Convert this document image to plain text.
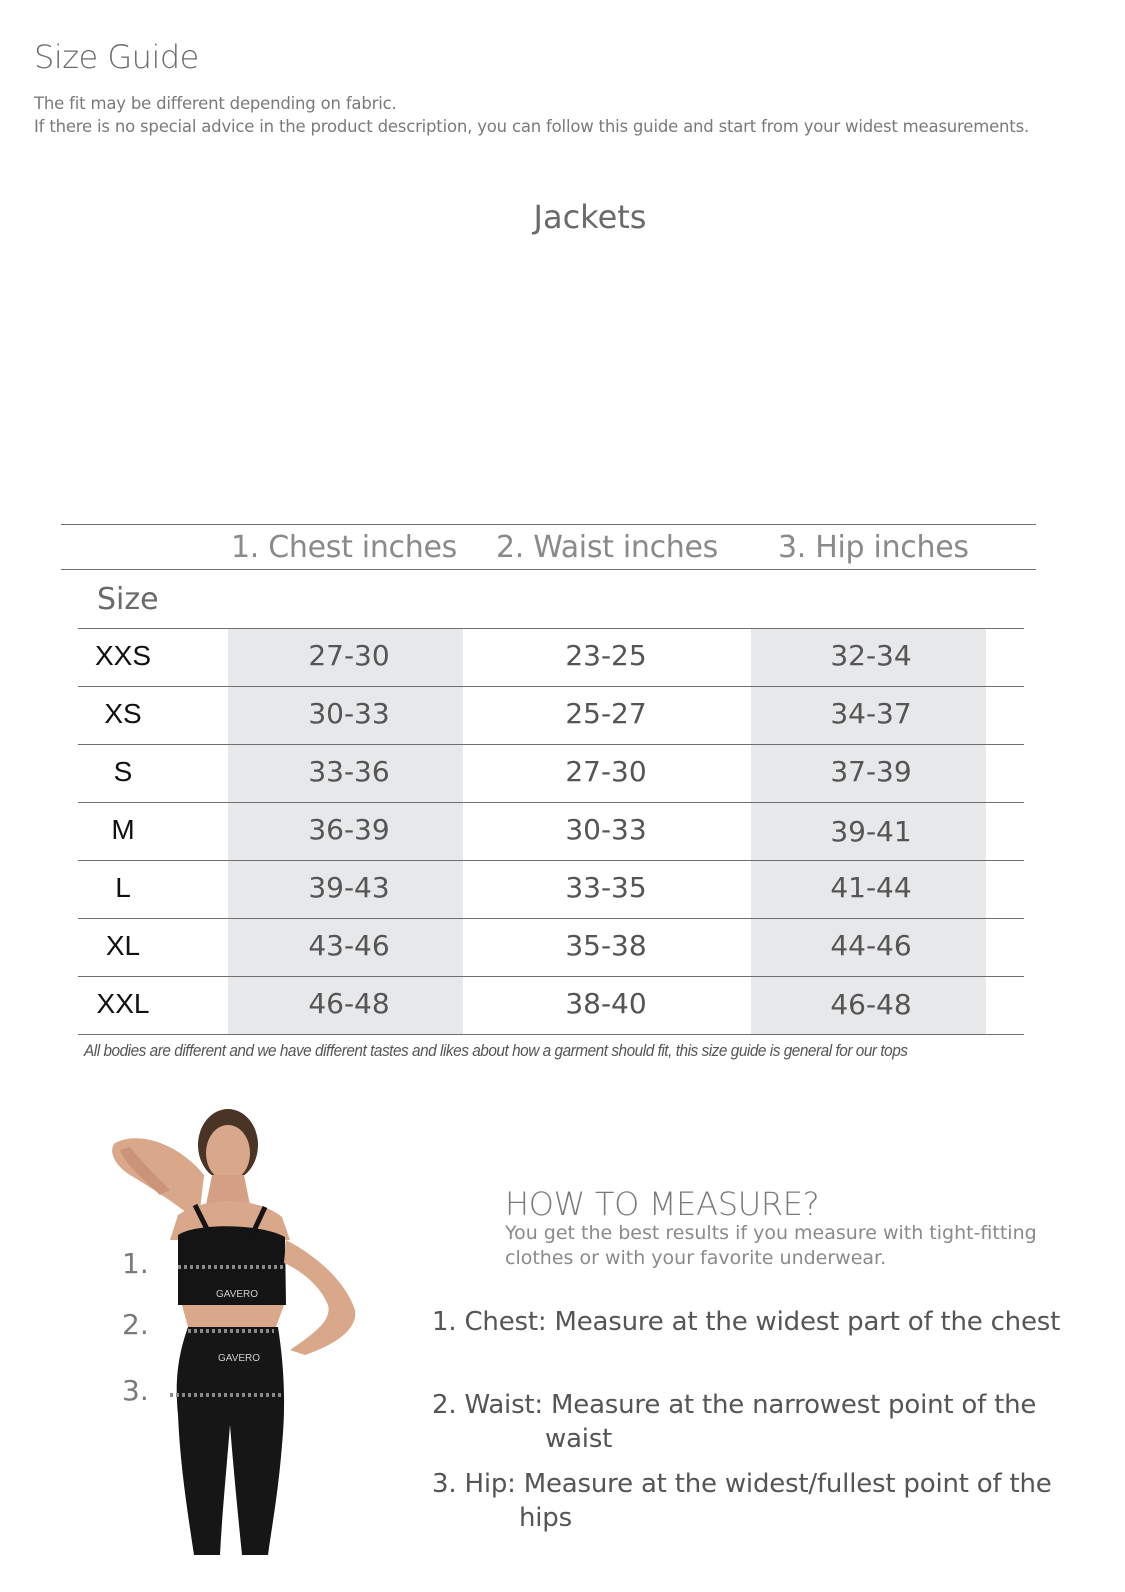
Size Guide
The fit may be different depending on fabric.
If there is no special advice in the product description, you can follow this guide and start from your widest measurements.
Jackets
1. Chest inches 2. Waist inches 3. Hip inches
Size
XXS	27-30	23-25	32-34
XS	30-33	25-27	34-37
S	33-36	27-30	37-39
M	36-39	30-33	39-41
L	39-43	33-35	41-44
XL	43-46	35-38	44-46
XXL	46-48	38-40	46-48
All bodies are different and we have different tastes and likes about how a garment should fit, this size guide is general for our tops
GAVERO
GAVERO
1.
2.
3.
HOW TO MEASURE?
You get the best results if you measure with tight-fitting
clothes or with your favorite underwear.
1. Chest: Measure at the widest part of the chest
2. Waist: Measure at the narrowest point of the
waist
3. Hip: Measure at the widest/fullest point of the
hips
